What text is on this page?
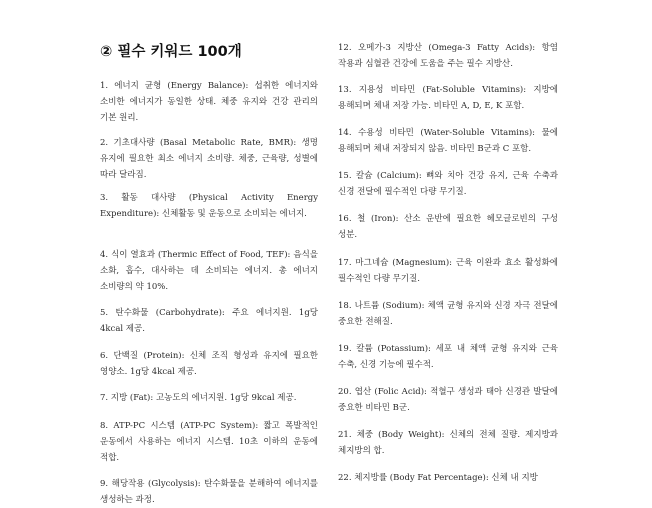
② 필수 키워드 100개
1. 에너지 균형 (Energy Balance): 섭취한 에너지와 소비한 에너지가 동일한 상태. 체중 유지와 건강 관리의 기본 원리.
2. 기초대사량 (Basal Metabolic Rate, BMR): 생명 유지에 필요한 최소 에너지 소비량. 체중, 근육량, 성별에 따라 달라짐.
3. 활동 대사량 (Physical Activity Energy Expenditure): 신체활동 및 운동으로 소비되는 에너지.
4. 식이 열효과 (Thermic Effect of Food, TEF): 음식을 소화, 흡수, 대사하는 데 소비되는 에너지. 총 에너지 소비량의 약 10%.
5. 탄수화물 (Carbohydrate): 주요 에너지원. 1g당 4kcal 제공.
6. 단백질 (Protein): 신체 조직 형성과 유지에 필요한 영양소. 1g당 4kcal 제공.
7. 지방 (Fat): 고농도의 에너지원. 1g당 9kcal 제공.
8. ATP-PC 시스템 (ATP-PC System): 짧고 폭발적인 운동에서 사용하는 에너지 시스템. 10초 이하의 운동에 적합.
9. 해당작용 (Glycolysis): 탄수화물을 분해하여 에너지를 생성하는 과정.
12. 오메가-3 지방산 (Omega-3 Fatty Acids): 항염 작용과 심혈관 건강에 도움을 주는 필수 지방산.
13. 지용성 비타민 (Fat-Soluble Vitamins): 지방에 용해되며 체내 저장 가능. 비타민 A, D, E, K 포함.
14. 수용성 비타민 (Water-Soluble Vitamins): 물에 용해되며 체내 저장되지 않음. 비타민 B군과 C 포함.
15. 칼슘 (Calcium): 뼈와 치아 건강 유지, 근육 수축과 신경 전달에 필수적인 다량 무기질.
16. 철 (Iron): 산소 운반에 필요한 헤모글로빈의 구성 성분.
17. 마그네슘 (Magnesium): 근육 이완과 효소 활성화에 필수적인 다량 무기질.
18. 나트륨 (Sodium): 체액 균형 유지와 신경 자극 전달에 중요한 전해질.
19. 칼륨 (Potassium): 세포 내 체액 균형 유지와 근육 수축, 신경 기능에 필수적.
20. 엽산 (Folic Acid): 적혈구 생성과 태아 신경관 발달에 중요한 비타민 B군.
21. 체중 (Body Weight): 신체의 전체 질량. 제지방과 체지방의 합.
22. 체지방률 (Body Fat Percentage): 신체 내 지방
